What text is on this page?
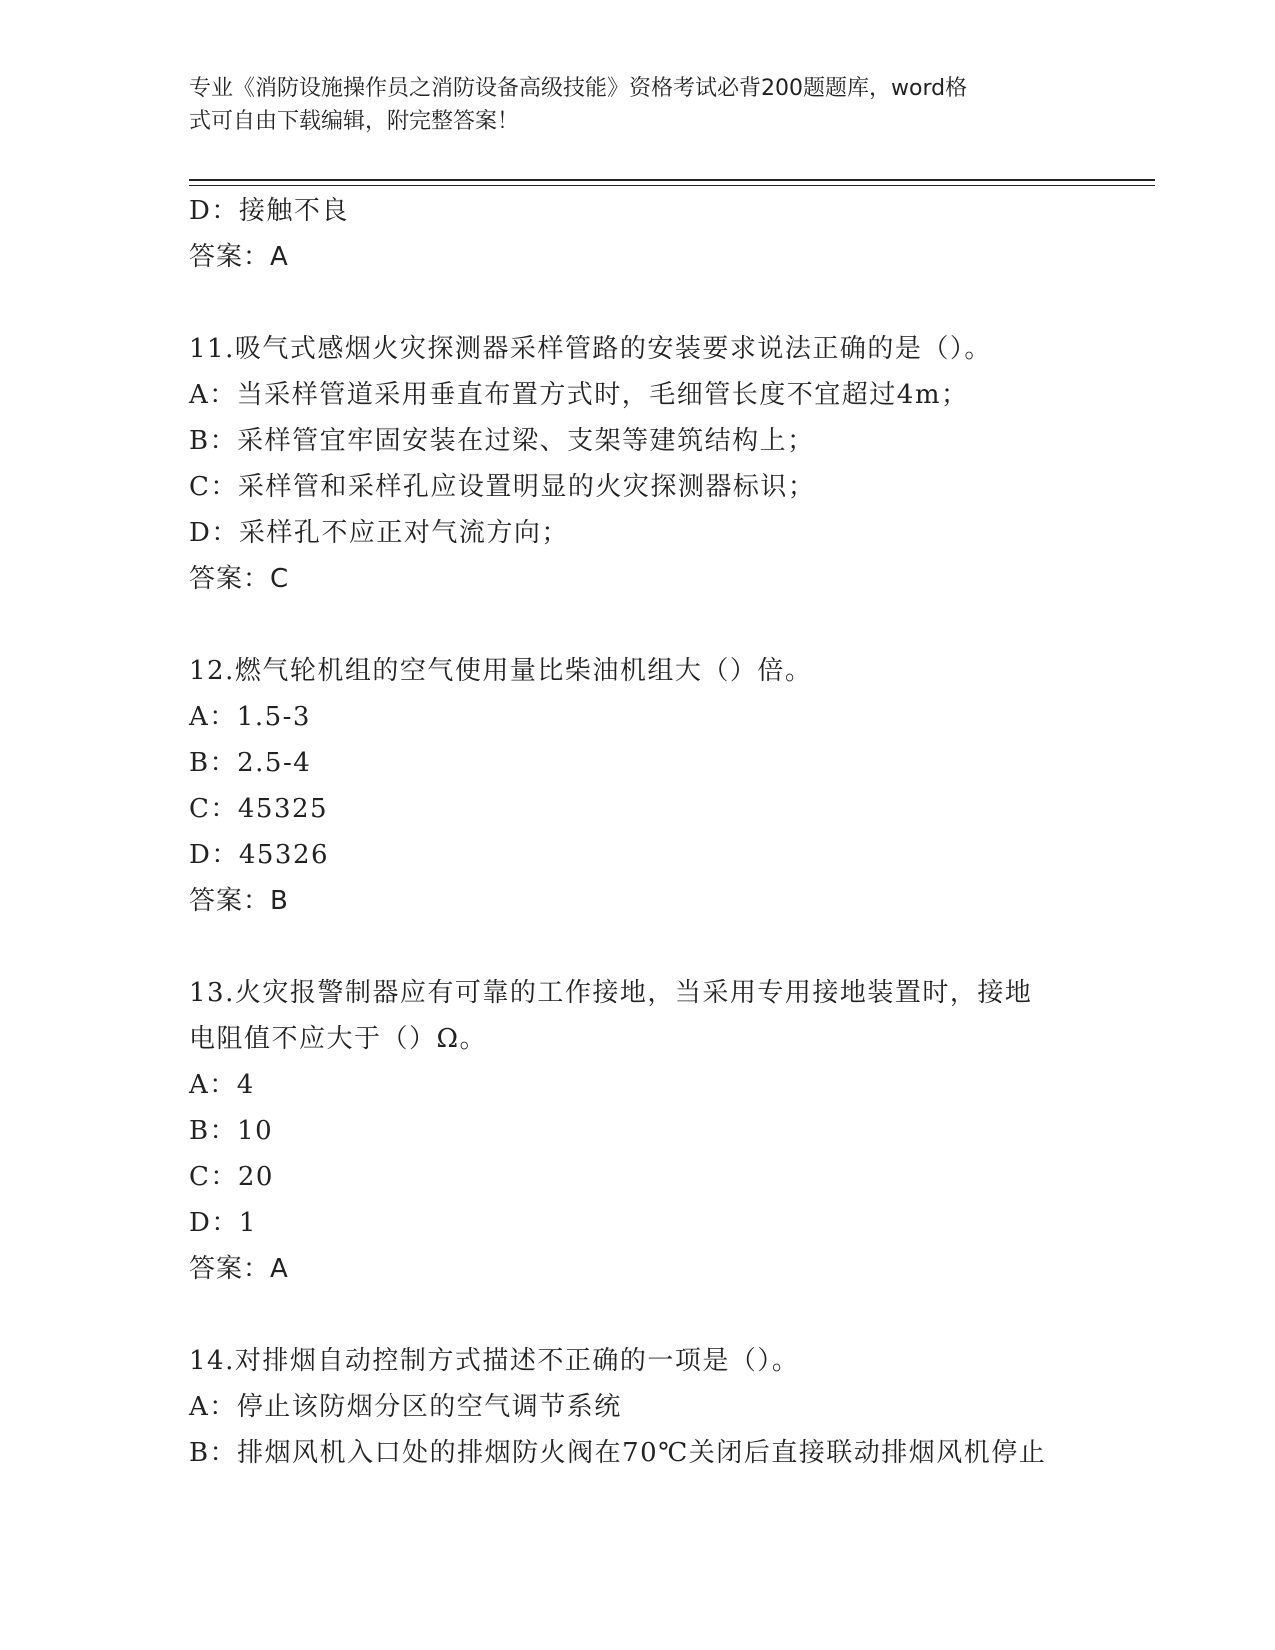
专业《消防设施操作员之消防设备高级技能》资格考试必背200题题库，word格
式可自由下载编辑，附完整答案！
D：接触不良
答案：A
11.吸气式感烟火灾探测器采样管路的安装要求说法正确的是（）。
A：当采样管道采用垂直布置方式时，毛细管长度不宜超过4m；
B：采样管宜牢固安装在过梁、支架等建筑结构上；
C：采样管和采样孔应设置明显的火灾探测器标识；
D：采样孔不应正对气流方向；
答案：C
12.燃气轮机组的空气使用量比柴油机组大（）倍。
A：1.5-3
B：2.5-4
C：45325
D：45326
答案：B
13.火灾报警制器应有可靠的工作接地，当采用专用接地装置时，接地
电阻值不应大于（）Ω。
A：4
B：10
C：20
D：1
答案：A
14.对排烟自动控制方式描述不正确的一项是（）。
A：停止该防烟分区的空气调节系统
B：排烟风机入口处的排烟防火阀在70℃关闭后直接联动排烟风机停止
